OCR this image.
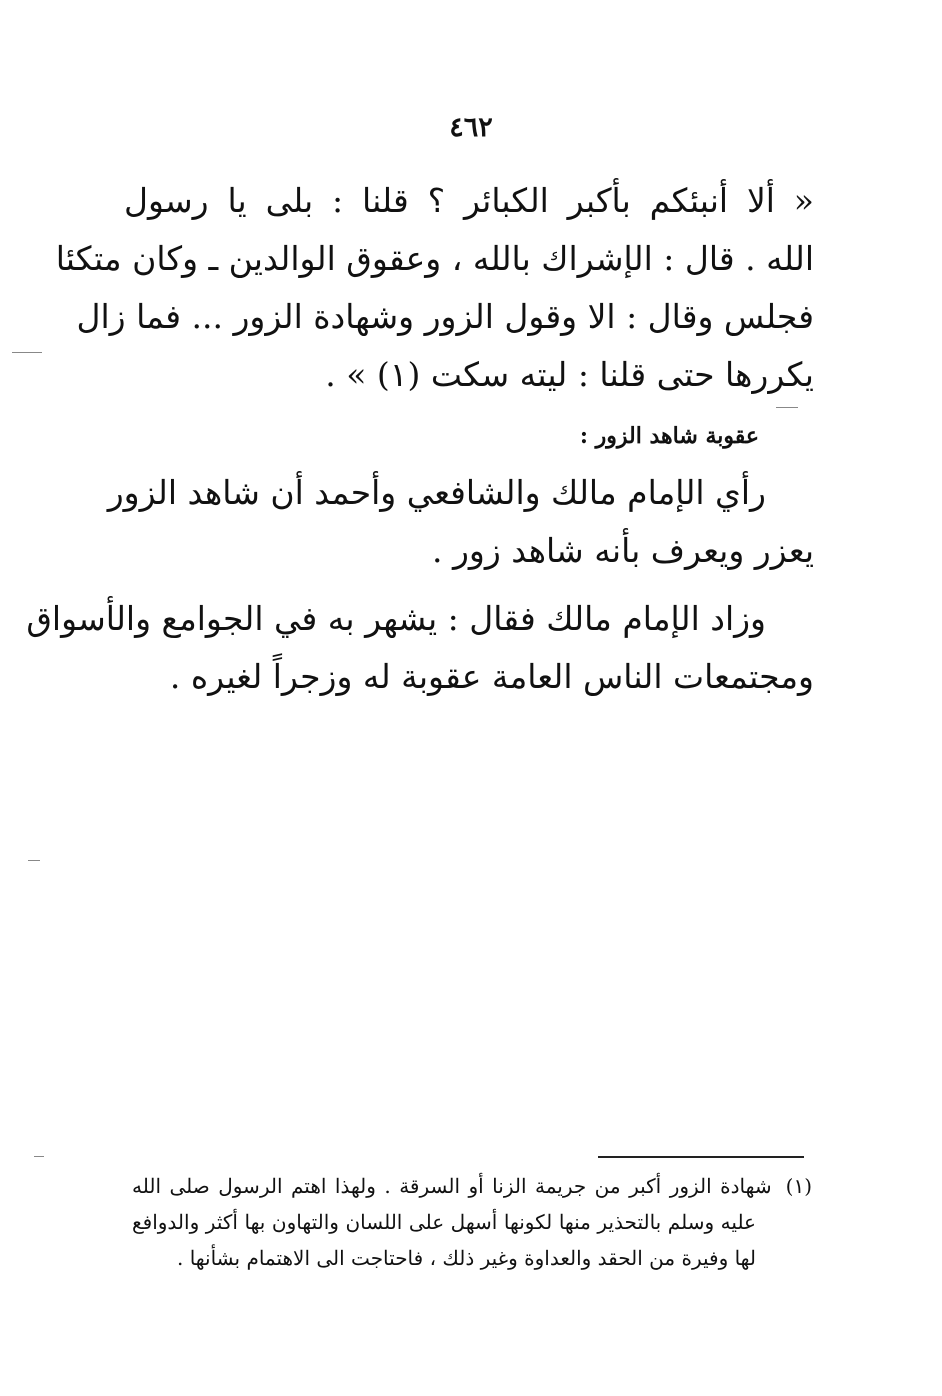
٤٦٢
« ألا أنبئكم بأكبر الكبائر ؟ قلنا : بلى يا رسول
الله . قال : الإشراك بالله ، وعقوق الوالدين ـ وكان متكئا
فجلس وقال : الا وقول الزور وشهادة الزور ... فما زال
يكررها حتى قلنا : ليته سكت (١) » .
عقوبة شاهد الزور :
رأي الإمام مالك والشافعي وأحمد أن شاهد الزور
يعزر ويعرف بأنه شاهد زور .
وزاد الإمام مالك فقال : يشهر به في الجوامع والأسواق
ومجتمعات الناس العامة عقوبة له وزجراً لغيره .
(١)شهادة الزور أكبر من جريمة الزنا أو السرقة . ولهذا اهتم الرسول صلى الله
عليه وسلم بالتحذير منها لكونها أسهل على اللسان والتهاون بها أكثر والدوافع
لها وفيرة من الحقد والعداوة وغير ذلك ، فاحتاجت الى الاهتمام بشأنها .
